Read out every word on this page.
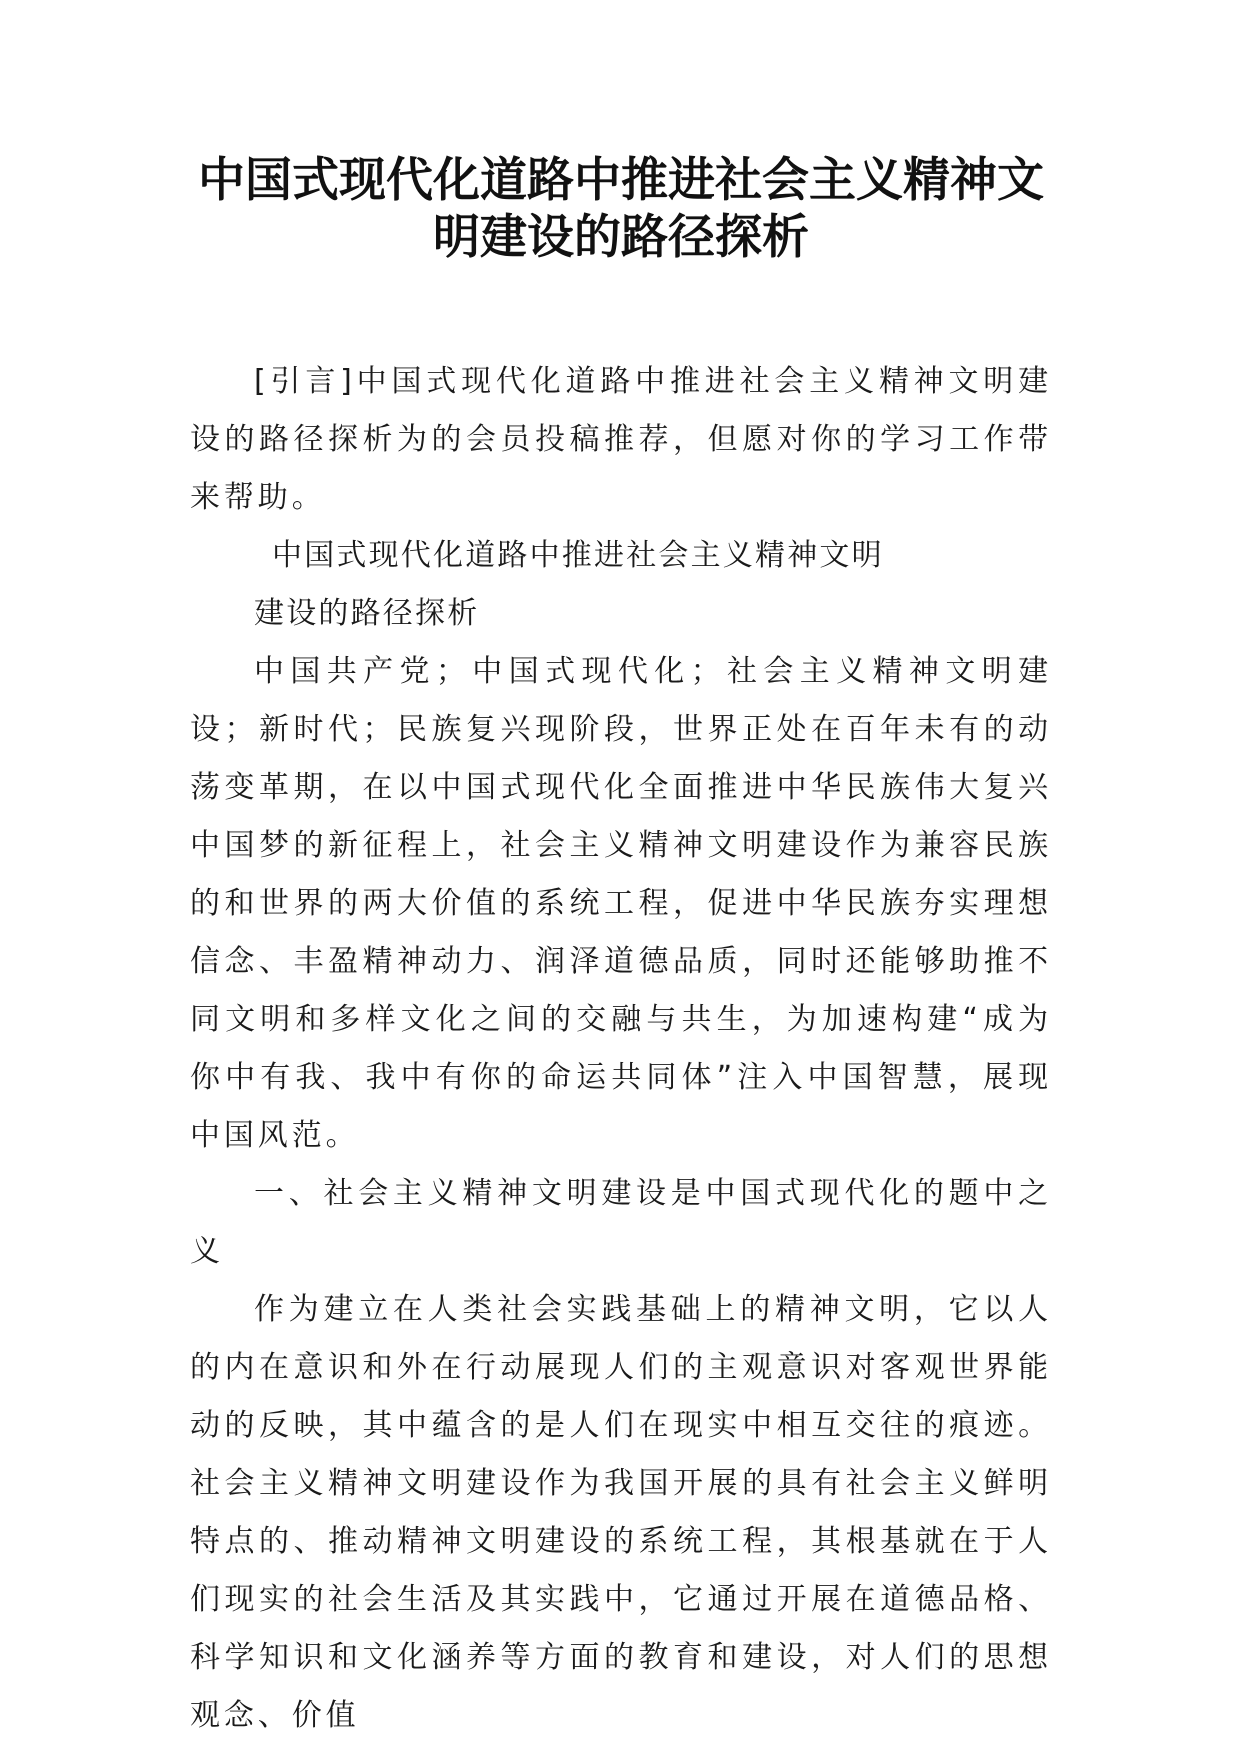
中国式现代化道路中推进社会主义精神文
明建设的路径探析

[引言]中国式现代化道路中推进社会主义精神文明建设的路径探析为的会员投稿推荐，但愿对你的学习工作带来帮助。

中国式现代化道路中推进社会主义精神文明

建设的路径探析

中国共产党；中国式现代化；社会主义精神文明建设；新时代；民族复兴现阶段，世界正处在百年未有的动荡变革期，在以中国式现代化全面推进中华民族伟大复兴中国梦的新征程上，社会主义精神文明建设作为兼容民族的和世界的两大价值的系统工程，促进中华民族夯实理想信念、丰盈精神动力、润泽道德品质，同时还能够助推不同文明和多样文化之间的交融与共生，为加速构建“成为你中有我、我中有你的命运共同体”注入中国智慧，展现中国风范。

一、社会主义精神文明建设是中国式现代化的题中之义

作为建立在人类社会实践基础上的精神文明，它以人的内在意识和外在行动展现人们的主观意识对客观世界能动的反映，其中蕴含的是人们在现实中相互交往的痕迹。社会主义精神文明建设作为我国开展的具有社会主义鲜明特点的、推动精神文明建设的系统工程，其根基就在于人们现实的社会生活及其实践中，它通过开展在道德品格、科学知识和文化涵养等方面的教育和建设，对人们的思想观念、价值
